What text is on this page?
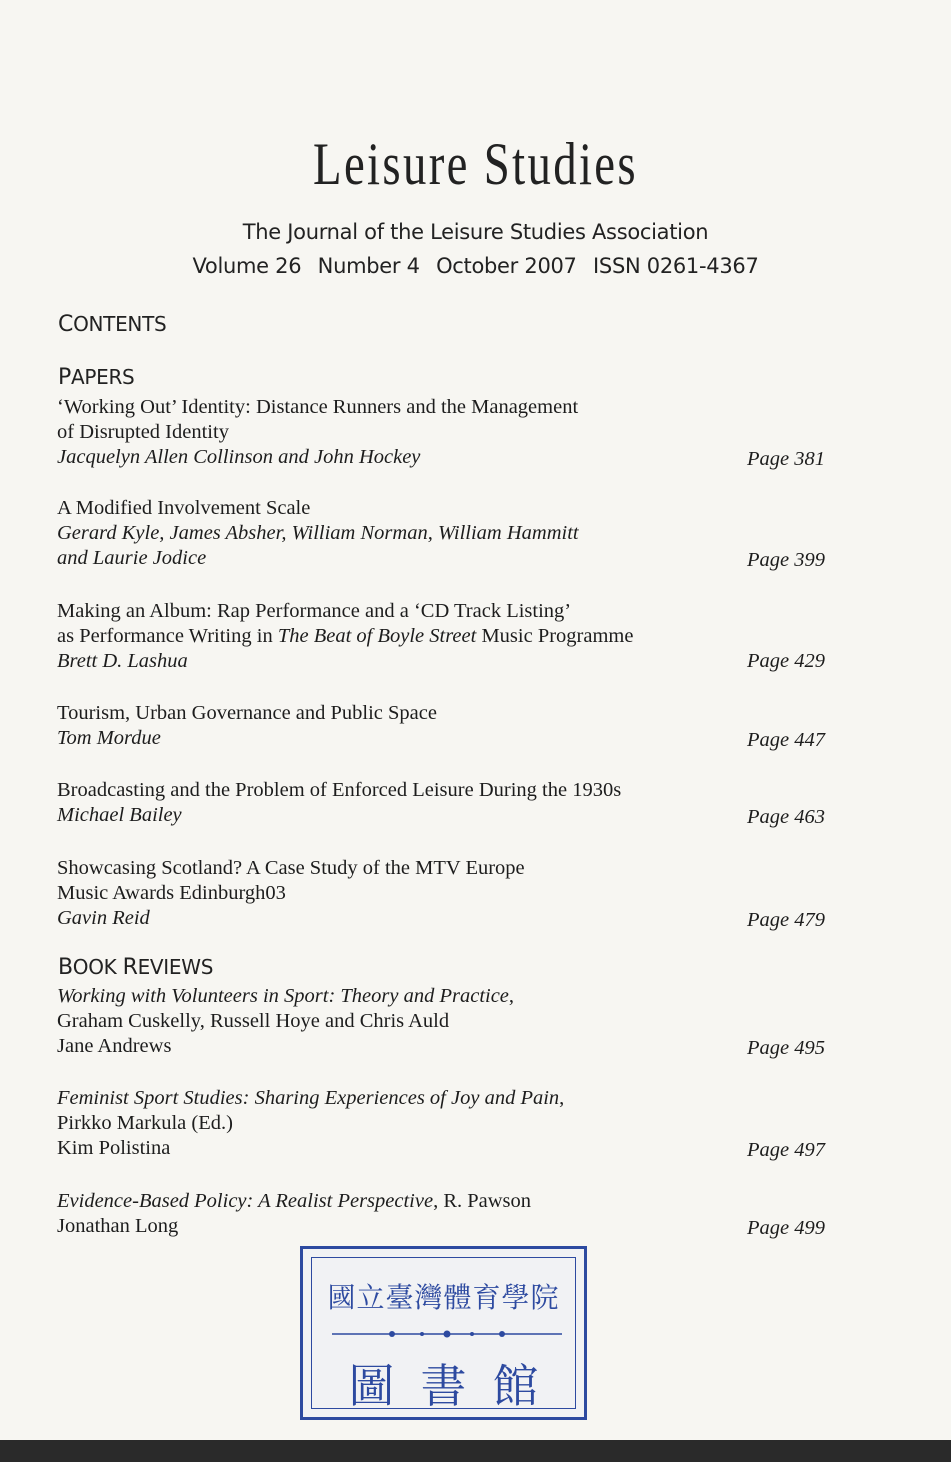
Leisure Studies
The Journal of the Leisure Studies Association
Volume 26 Number 4 October 2007 ISSN 0261-4367
CONTENTS
PAPERS
‘Working Out’ Identity: Distance Runners and the Management
of Disrupted Identity
Jacquelyn Allen Collinson and John Hockey	Page 381
A Modified Involvement Scale
Gerard Kyle, James Absher, William Norman, William Hammitt
and Laurie Jodice	Page 399
Making an Album: Rap Performance and a ‘CD Track Listing’
as Performance Writing in The Beat of Boyle Street Music Programme
Brett D. Lashua	Page 429
Tourism, Urban Governance and Public Space
Tom Mordue	Page 447
Broadcasting and the Problem of Enforced Leisure During the 1930s
Michael Bailey	Page 463
Showcasing Scotland? A Case Study of the MTV Europe
Music Awards Edinburgh03
Gavin Reid	Page 479
BOOK REVIEWS
Working with Volunteers in Sport: Theory and Practice,
Graham Cuskelly, Russell Hoye and Chris Auld
Jane Andrews	Page 495
Feminist Sport Studies: Sharing Experiences of Joy and Pain,
Pirkko Markula (Ed.)
Kim Polistina	Page 497
Evidence-Based Policy: A Realist Perspective, R. Pawson
Jonathan Long	Page 499
國立臺灣體育學院
圖書館
